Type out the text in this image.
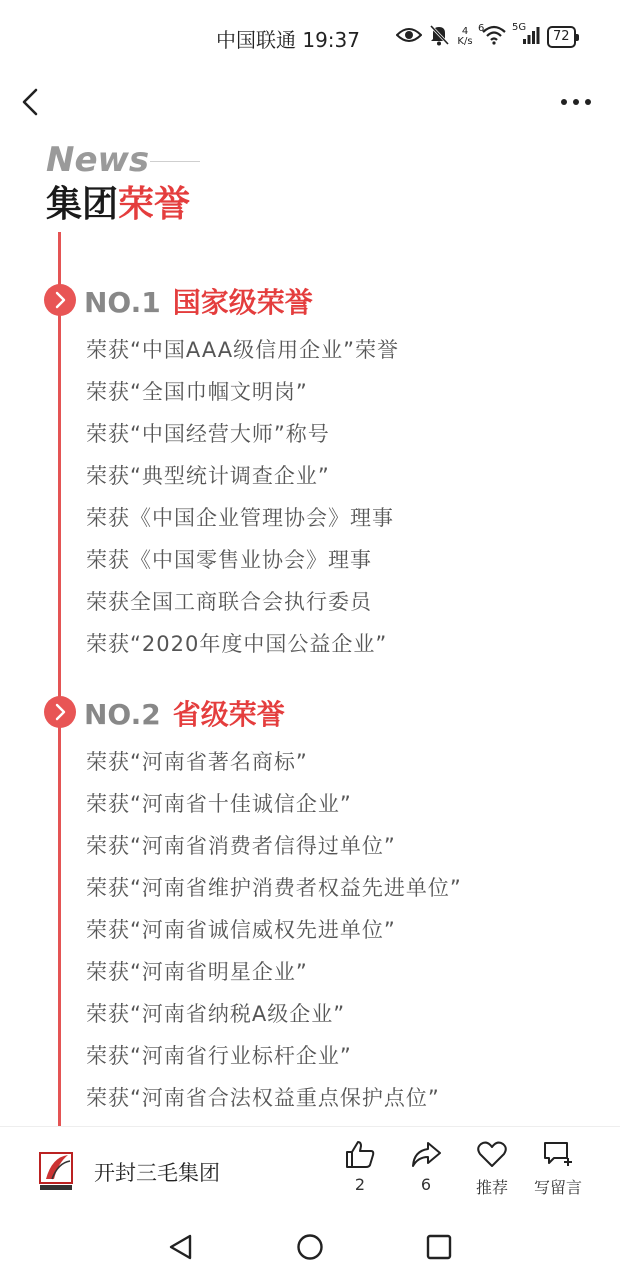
中国联通 19:37	4
K/s
6	5G
72
News
集团荣誉
NO.1 国家级荣誉
荣获“中国AAA级信用企业”荣誉
荣获“全国巾帼文明岗”
荣获“中国经营大师”称号
荣获“典型统计调查企业”
荣获《中国企业管理协会》理事
荣获《中国零售业协会》理事
荣获全国工商联合会执行委员
荣获“2020年度中国公益企业”
NO.2 省级荣誉
荣获“河南省著名商标”
荣获“河南省十佳诚信企业”
荣获“河南省消费者信得过单位”
荣获“河南省维护消费者权益先进单位”
荣获“河南省诚信威权先进单位”
荣获“河南省明星企业”
荣获“河南省纳税A级企业”
荣获“河南省行业标杆企业”
荣获“河南省合法权益重点保护点位”
开封三毛集团	2	6	推荐	写留言
